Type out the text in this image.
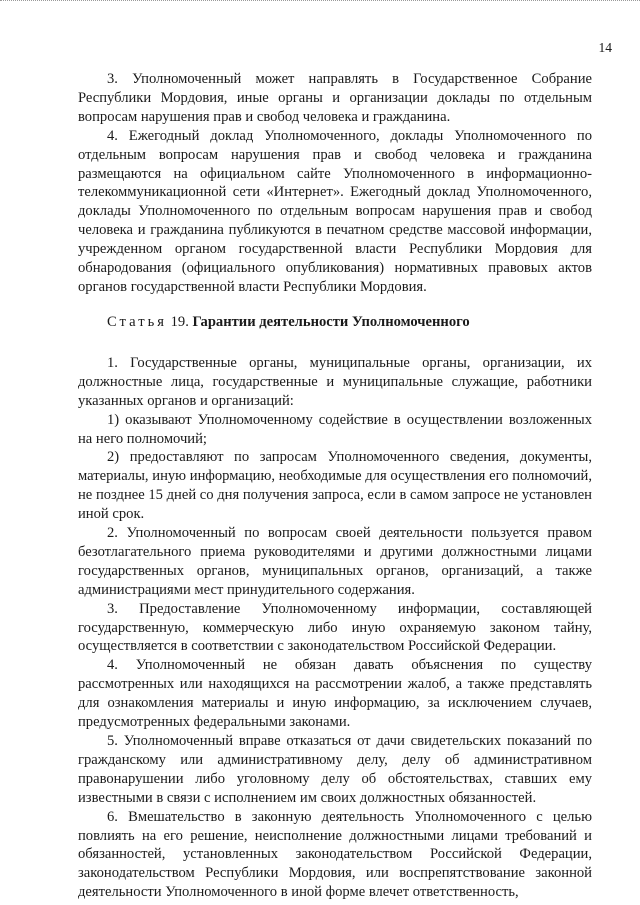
14

3. Уполномоченный может направлять в Государственное Собрание Республики Мордовия, иные органы и организации доклады по отдельным вопросам нарушения прав и свобод человека и гражданина.

4. Ежегодный доклад Уполномоченного, доклады Уполномоченного по отдельным вопросам нарушения прав и свобод человека и гражданина размещаются на официальном сайте Уполномоченного в информационно-телекоммуникационной сети «Интернет». Ежегодный доклад Уполномоченного, доклады Уполномоченного по отдельным вопросам нарушения прав и свобод человека и гражданина публикуются в печатном средстве массовой информации, учрежденном органом государственной власти Республики Мордовия для обнародования (официального опубликования) нормативных правовых актов органов государственной власти Республики Мордовия.

Статья 19. Гарантии деятельности Уполномоченного

1. Государственные органы, муниципальные органы, организации, их должностные лица, государственные и муниципальные служащие, работники указанных органов и организаций:

1) оказывают Уполномоченному содействие в осуществлении возложенных на него полномочий;

2) предоставляют по запросам Уполномоченного сведения, документы, материалы, иную информацию, необходимые для осуществления его полномочий, не позднее 15 дней со дня получения запроса, если в самом запросе не установлен иной срок.

2. Уполномоченный по вопросам своей деятельности пользуется правом безотлагательного приема руководителями и другими должностными лицами государственных органов, муниципальных органов, организаций, а также администрациями мест принудительного содержания.

3. Предоставление Уполномоченному информации, составляющей государственную, коммерческую либо иную охраняемую законом тайну, осуществляется в соответствии с законодательством Российской Федерации.

4. Уполномоченный не обязан давать объяснения по существу рассмотренных или находящихся на рассмотрении жалоб, а также представлять для ознакомления материалы и иную информацию, за исключением случаев, предусмотренных федеральными законами.

5. Уполномоченный вправе отказаться от дачи свидетельских показаний по гражданскому или административному делу, делу об административном правонарушении либо уголовному делу об обстоятельствах, ставших ему известными в связи с исполнением им своих должностных обязанностей.

6. Вмешательство в законную деятельность Уполномоченного с целью повлиять на его решение, неисполнение должностными лицами требований и обязанностей, установленных законодательством Российской Федерации, законодательством Республики Мордовия, или воспрепятствование законной деятельности Уполномоченного в иной форме влечет ответственность,
